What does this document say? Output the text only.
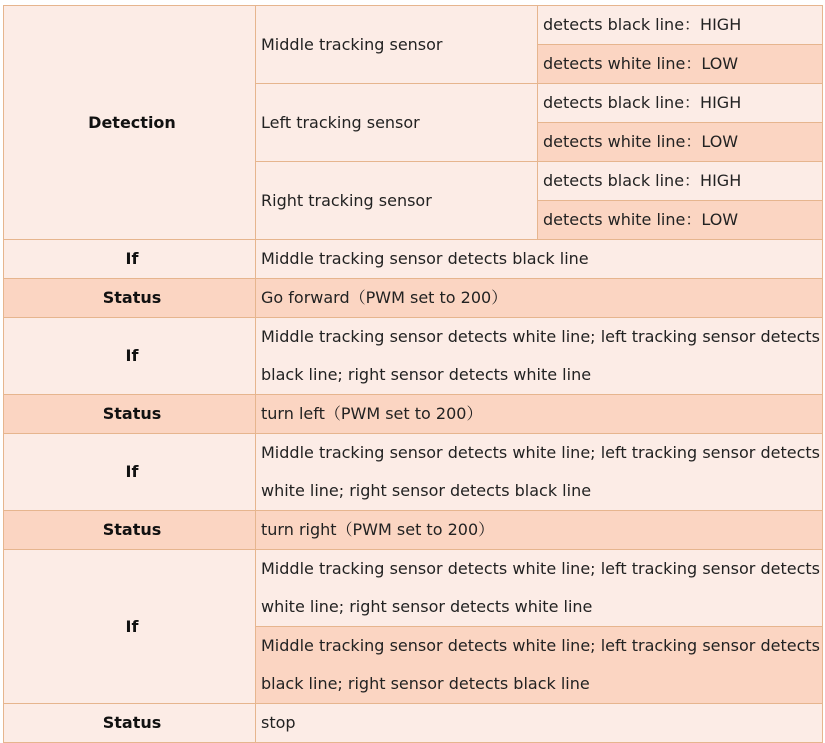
Detection	Middle tracking sensor	detects black line：HIGH
		detects white line：LOW
	Left tracking sensor	detects black line：HIGH
		detects white line：LOW
	Right tracking sensor	detects black line：HIGH
		detects white line：LOW
If	Middle tracking sensor detects black line	
Status	Go forward（PWM set to 200）	
If	Middle tracking sensor detects white line; left tracking sensor detects black line; right sensor detects white line	

Status	turn left（PWM set to 200）	
If	Middle tracking sensor detects white line; left tracking sensor detects white line; right sensor detects black line	

Status	turn right（PWM set to 200）	
If	Middle tracking sensor detects white line; left tracking sensor detects white line; right sensor detects white line	

	Middle tracking sensor detects white line; left tracking sensor detects black line; right sensor detects black line	

Status	stop	
